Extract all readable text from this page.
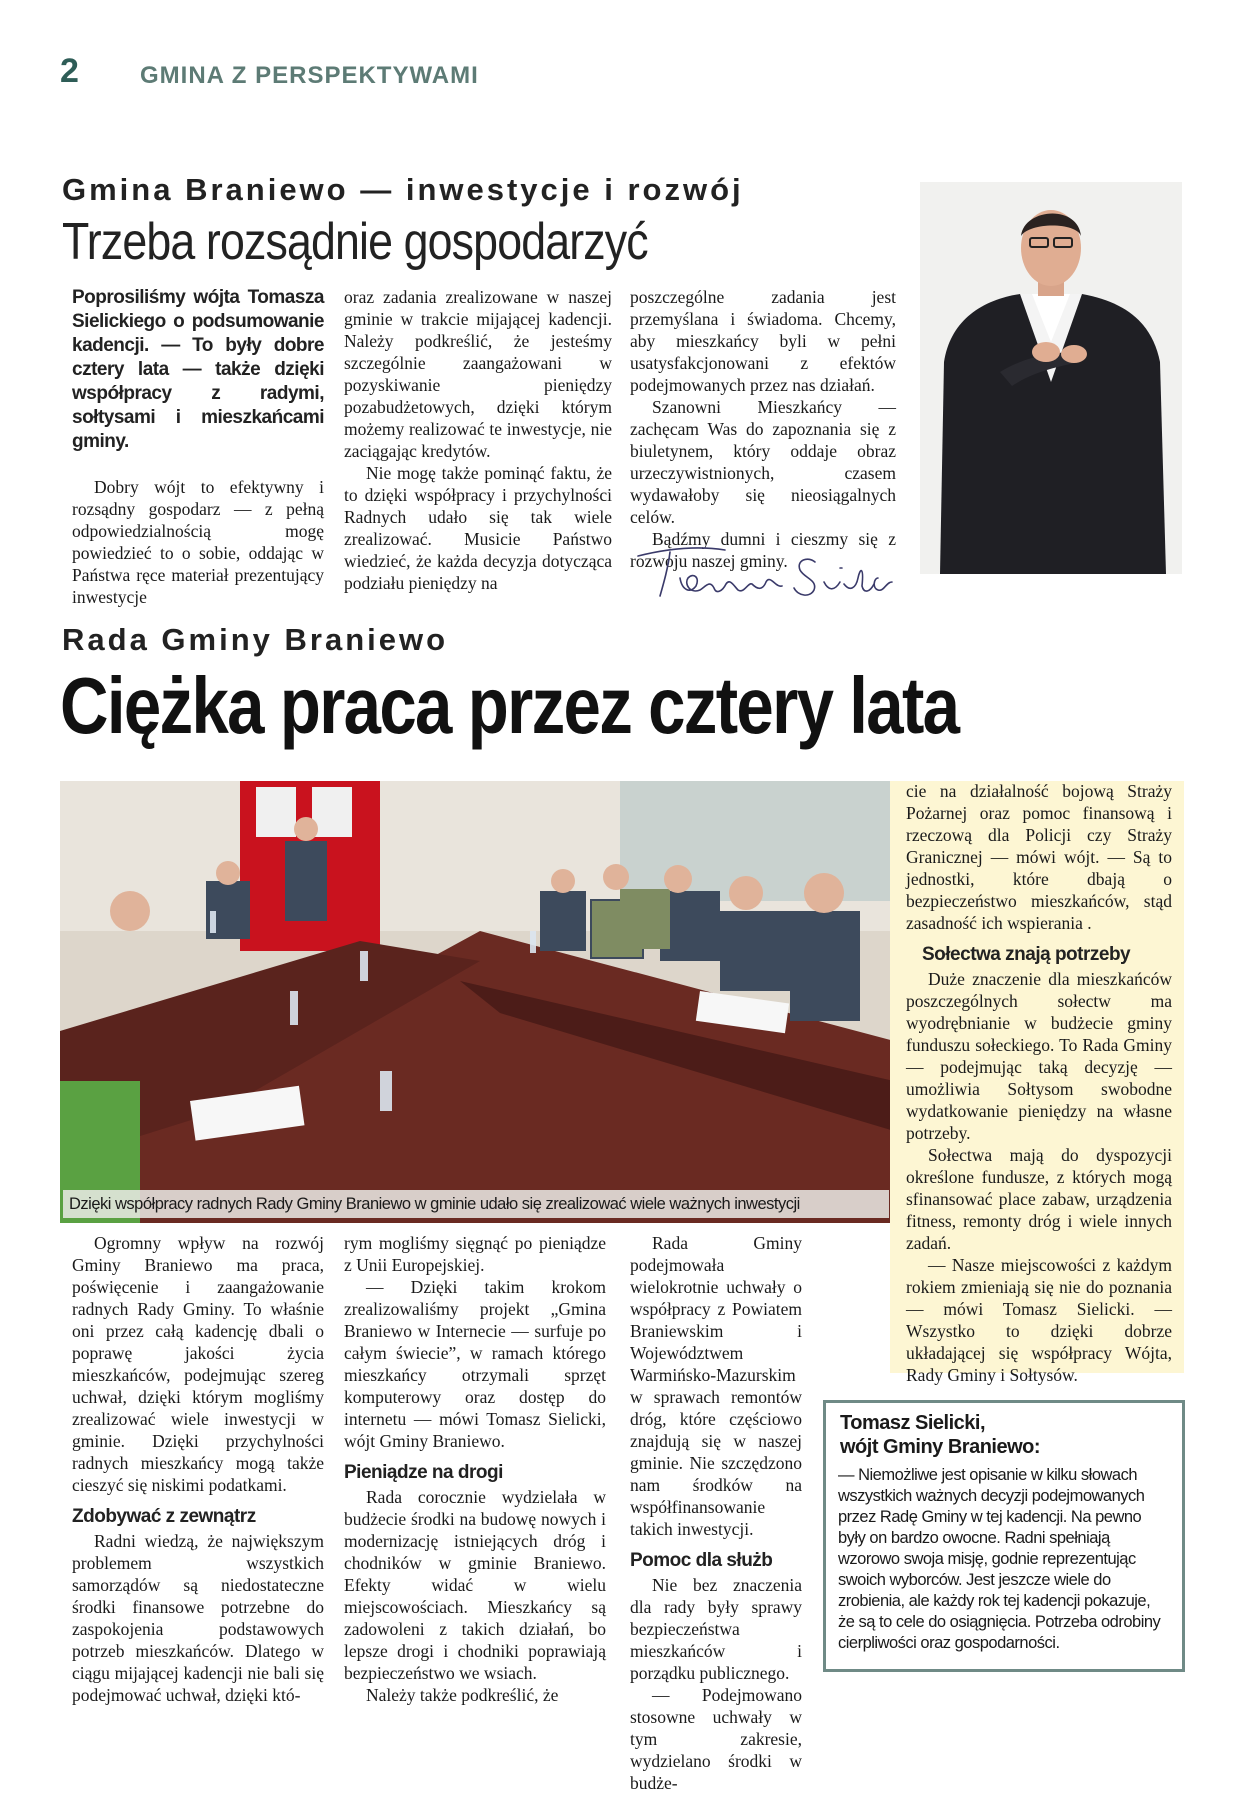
2	GMINA Z PERSPEKTYWAMI
Gmina Braniewo — inwestycje i rozwój
Trzeba rozsądnie gospodarzyć
Poprosiliśmy wójta Tomasza Sielickiego o podsumowanie kadencji. — To były dobre cztery lata — także dzięki współpracy z radymi, sołtysami i mieszkańcami gminy.

Dobry wójt to efektywny i rozsądny gospodarz — z pełną odpowiedzialnością mogę powiedzieć to o sobie, oddając w Państwa ręce materiał prezentujący inwestycje

oraz zadania zrealizowane w naszej gminie w trakcie mijającej kadencji. Należy podkreślić, że jesteśmy szczególnie zaangażowani w pozyskiwanie pieniędzy pozabudżetowych, dzięki którym możemy realizować te inwestycje, nie zaciągając kredytów.

Nie mogę także pominąć faktu, że to dzięki współpracy i przychylności Radnych udało się tak wiele zrealizować. Musicie Państwo wiedzieć, że każda decyzja dotycząca podziału pieniędzy na

poszczególne zadania jest przemyślana i świadoma. Chcemy, aby mieszkańcy byli w pełni usatysfakcjonowani z efektów podejmowanych przez nas działań.

Szanowni Mieszkańcy — zachęcam Was do zapoznania się z biuletynem, który oddaje obraz urzeczywistnionych, czasem wydawałoby się nieosiągalnych celów.

Bądźmy dumni i cieszmy się z rozwoju naszej gminy.

Rada Gminy Braniewo
Ciężka praca przez cztery lata
Dzięki współpracy radnych Rady Gminy Braniewo w gminie udało się zrealizować wiele ważnych inwestycji

cie na działalność bojową Straży Pożarnej oraz pomoc finansową i rzeczową dla Policji czy Straży Granicznej — mówi wójt. — Są to jednostki, które dbają o bezpieczeństwo mieszkańców, stąd zasadność ich wspierania .

Sołectwa znają potrzeby

Duże znaczenie dla mieszkańców poszczególnych sołectw ma wyodrębnianie w budżecie gminy funduszu sołeckiego. To Rada Gminy — podejmując taką decyzję — umożliwia Sołtysom swobodne wydatkowanie pieniędzy na własne potrzeby.

Sołectwa mają do dyspozycji określone fundusze, z których mogą sfinansować place zabaw, urządzenia fitness, remonty dróg i wiele innych zadań.

— Nasze miejscowości z każdym rokiem zmieniają się nie do poznania — mówi Tomasz Sielicki. — Wszystko to dzięki dobrze układającej się współpracy Wójta, Rady Gminy i Sołtysów.

Ogromny wpływ na rozwój Gminy Braniewo ma praca, poświęcenie i zaangażowanie radnych Rady Gminy. To właśnie oni przez całą kadencję dbali o poprawę jakości życia mieszkańców, podejmując szereg uchwał, dzięki którym mogliśmy zrealizować wiele inwestycji w gminie. Dzięki przychylności radnych mieszkańcy mogą także cieszyć się niskimi podatkami.

Zdobywać z zewnątrz

Radni wiedzą, że największym problemem wszystkich samorządów są niedostateczne środki finansowe potrzebne do zaspokojenia podstawowych potrzeb mieszkańców. Dlatego w ciągu mijającej kadencji nie bali się podejmować uchwał, dzięki któ-

rym mogliśmy sięgnąć po pieniądze z Unii Europejskiej.

— Dzięki takim krokom zrealizowaliśmy projekt „Gmina Braniewo w Internecie — surfuje po całym świecie”, w ramach którego mieszkańcy otrzymali sprzęt komputerowy oraz dostęp do internetu — mówi Tomasz Sielicki, wójt Gminy Braniewo.

Pieniądze na drogi

Rada corocznie wydzielała w budżecie środki na budowę nowych i modernizację istniejących dróg i chodników w gminie Braniewo. Efekty widać w wielu miejscowościach. Mieszkańcy są zadowoleni z takich działań, bo lepsze drogi i chodniki poprawiają bezpieczeństwo we wsiach.

Należy także podkreślić, że

Rada Gminy podejmowała wielokrotnie uchwały o współpracy z Powiatem Braniewskim i Województwem Warmińsko-Mazurskim w sprawach remontów dróg, które częściowo znajdują się w naszej gminie. Nie szczędzono nam środków na współfinansowanie takich inwestycji.

Pomoc dla służb

Nie bez znaczenia dla rady były sprawy bezpieczeństwa mieszkańców i porządku publicznego.

— Podejmowano stosowne uchwały w tym zakresie, wydzielano środki w budże-

Tomasz Sielicki,
wójt Gminy Braniewo:
— Niemożliwe jest opisanie w kilku słowach wszystkich ważnych decyzji podejmowanych przez Radę Gminy w tej kadencji. Na pewno były on bardzo owocne. Radni spełniają wzorowo swoja misję, godnie reprezentując swoich wyborców. Jest jeszcze wiele do zrobienia, ale każdy rok tej kadencji pokazuje, że są to cele do osiągnięcia. Potrzeba odrobiny cierpliwości oraz gospodarności.
